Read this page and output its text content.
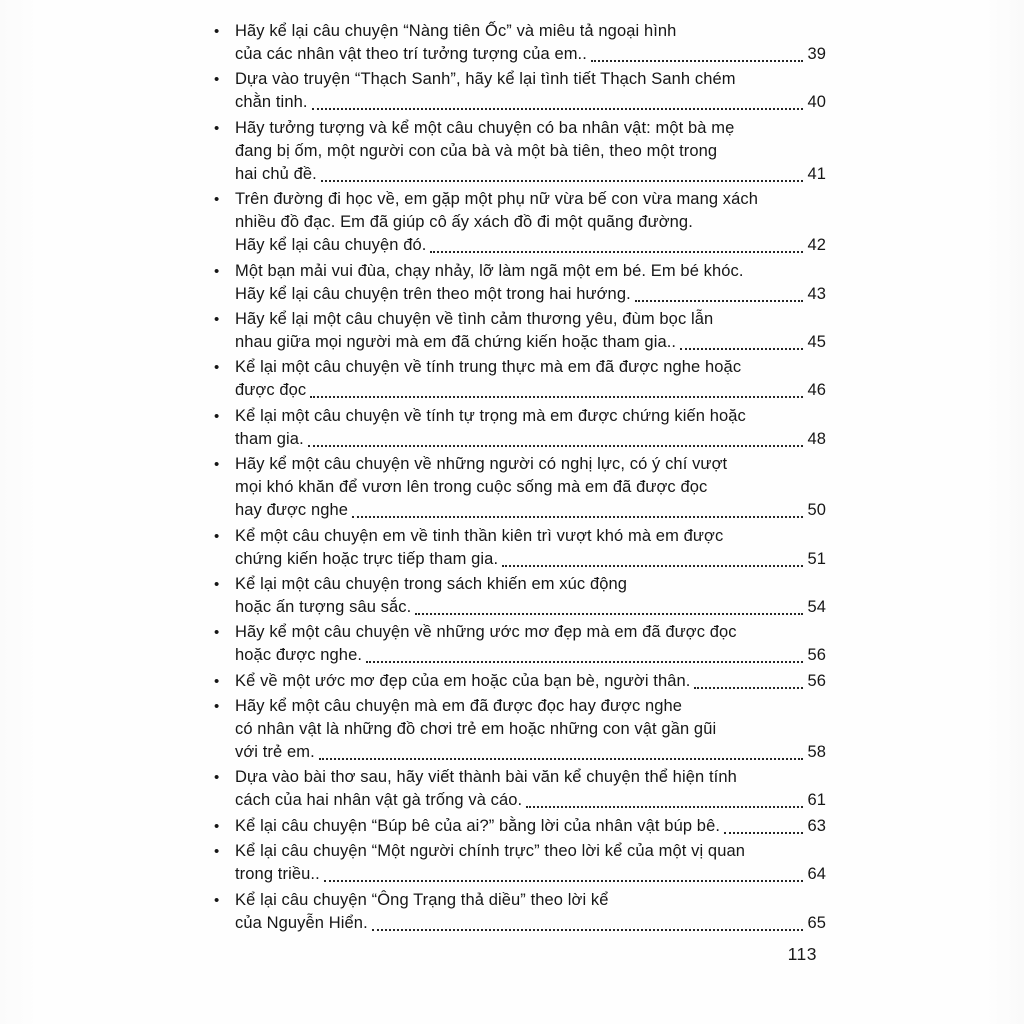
• Hãy kể lại câu chuyện “Nàng tiên Ốc” và miêu tả ngoại hình
của các nhân vật theo trí tưởng tượng của em..	39
• Dựa vào truyện “Thạch Sanh”, hãy kể lại tình tiết Thạch Sanh chém
chằn tinh.	40
• Hãy tưởng tượng và kể một câu chuyện có ba nhân vật: một bà mẹ
đang bị ốm, một người con của bà và một bà tiên, theo một trong
hai chủ đề.	41
• Trên đường đi học về, em gặp một phụ nữ vừa bế con vừa mang xách
nhiều đồ đạc. Em đã giúp cô ấy xách đồ đi một quãng đường.
Hãy kể lại câu chuyện đó.	42
• Một bạn mải vui đùa, chạy nhảy, lỡ làm ngã một em bé. Em bé khóc.
Hãy kể lại câu chuyện trên theo một trong hai hướng.	43
• Hãy kể lại một câu chuyện về tình cảm thương yêu, đùm bọc lẫn
nhau giữa mọi người mà em đã chứng kiến hoặc tham gia..	45
• Kể lại một câu chuyện về tính trung thực mà em đã được nghe hoặc
được đọc	46
• Kể lại một câu chuyện về tính tự trọng mà em được chứng kiến hoặc
tham gia.	48
• Hãy kể một câu chuyện về những người có nghị lực, có ý chí vượt
mọi khó khăn để vươn lên trong cuộc sống mà em đã được đọc
hay được nghe	50
• Kể một câu chuyện em về tinh thần kiên trì vượt khó mà em được
chứng kiến hoặc trực tiếp tham gia.	51
• Kể lại một câu chuyện trong sách khiến em xúc động
hoặc ấn tượng sâu sắc.	54
• Hãy kể một câu chuyện về những ước mơ đẹp mà em đã được đọc
hoặc được nghe.	56
• Kể về một ước mơ đẹp của em hoặc của bạn bè, người thân.	56
• Hãy kể một câu chuyện mà em đã được đọc hay được nghe
có nhân vật là những đồ chơi trẻ em hoặc những con vật gần gũi
với trẻ em.	58
• Dựa vào bài thơ sau, hãy viết thành bài văn kể chuyện thể hiện tính
cách của hai nhân vật gà trống và cáo.	61
• Kể lại câu chuyện “Búp bê của ai?” bằng lời của nhân vật búp bê.	63
• Kể lại câu chuyện “Một người chính trực” theo lời kể của một vị quan
trong triều..	64
• Kể lại câu chuyện “Ông Trạng thả diều” theo lời kể
của Nguyễn Hiển.	65
113
